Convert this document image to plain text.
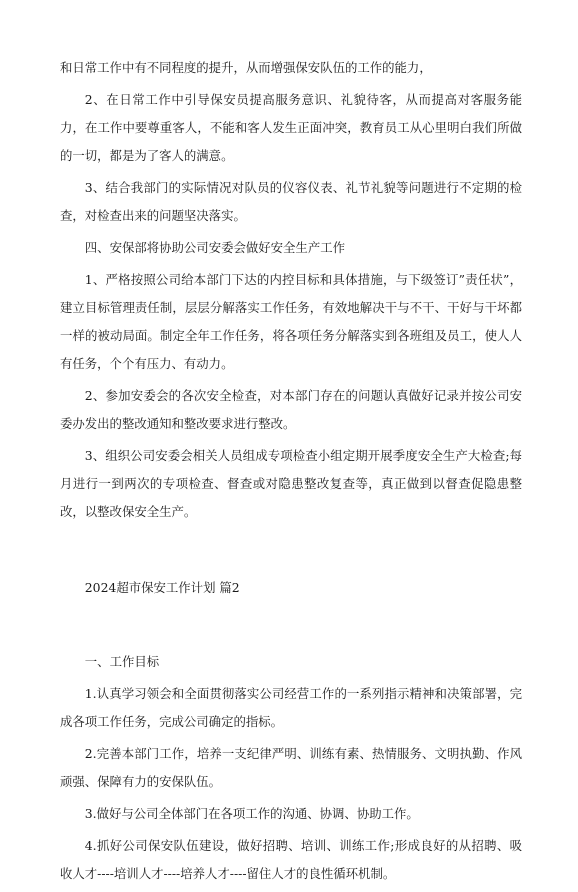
和日常工作中有不同程度的提升，从而增强保安队伍的工作的能力，

2、在日常工作中引导保安员提高服务意识、礼貌待客，从而提高对客服务能力，在工作中要尊重客人，不能和客人发生正面冲突，教育员工从心里明白我们所做的一切，都是为了客人的满意。

3、结合我部门的实际情况对队员的仪容仪表、礼节礼貌等问题进行不定期的检查，对检查出来的问题坚决落实。

四、安保部将协助公司安委会做好安全生产工作

1、严格按照公司给本部门下达的内控目标和具体措施，与下级签订”责任状”，建立目标管理责任制，层层分解落实工作任务，有效地解决干与不干、干好与干坏都一样的被动局面。制定全年工作任务，将各项任务分解落实到各班组及员工，使人人有任务，个个有压力、有动力。

2、参加安委会的各次安全检查，对本部门存在的问题认真做好记录并按公司安委办发出的整改通知和整改要求进行整改。

3、组织公司安委会相关人员组成专项检查小组定期开展季度安全生产大检查;每月进行一到两次的专项检查、督查或对隐患整改复查等，真正做到以督查促隐患整改，以整改保安全生产。

2024超市保安工作计划 篇2

一、工作目标

1.认真学习领会和全面贯彻落实公司经营工作的一系列指示精神和决策部署，完成各项工作任务，完成公司确定的指标。

2.完善本部门工作，培养一支纪律严明、训练有素、热情服务、文明执勤、作风顽强、保障有力的安保队伍。

3.做好与公司全体部门在各项工作的沟通、协调、协助工作。

4.抓好公司保安队伍建设，做好招聘、培训、训练工作;形成良好的从招聘、吸收人才----培训人才----培养人才----留住人才的良性循环机制。
